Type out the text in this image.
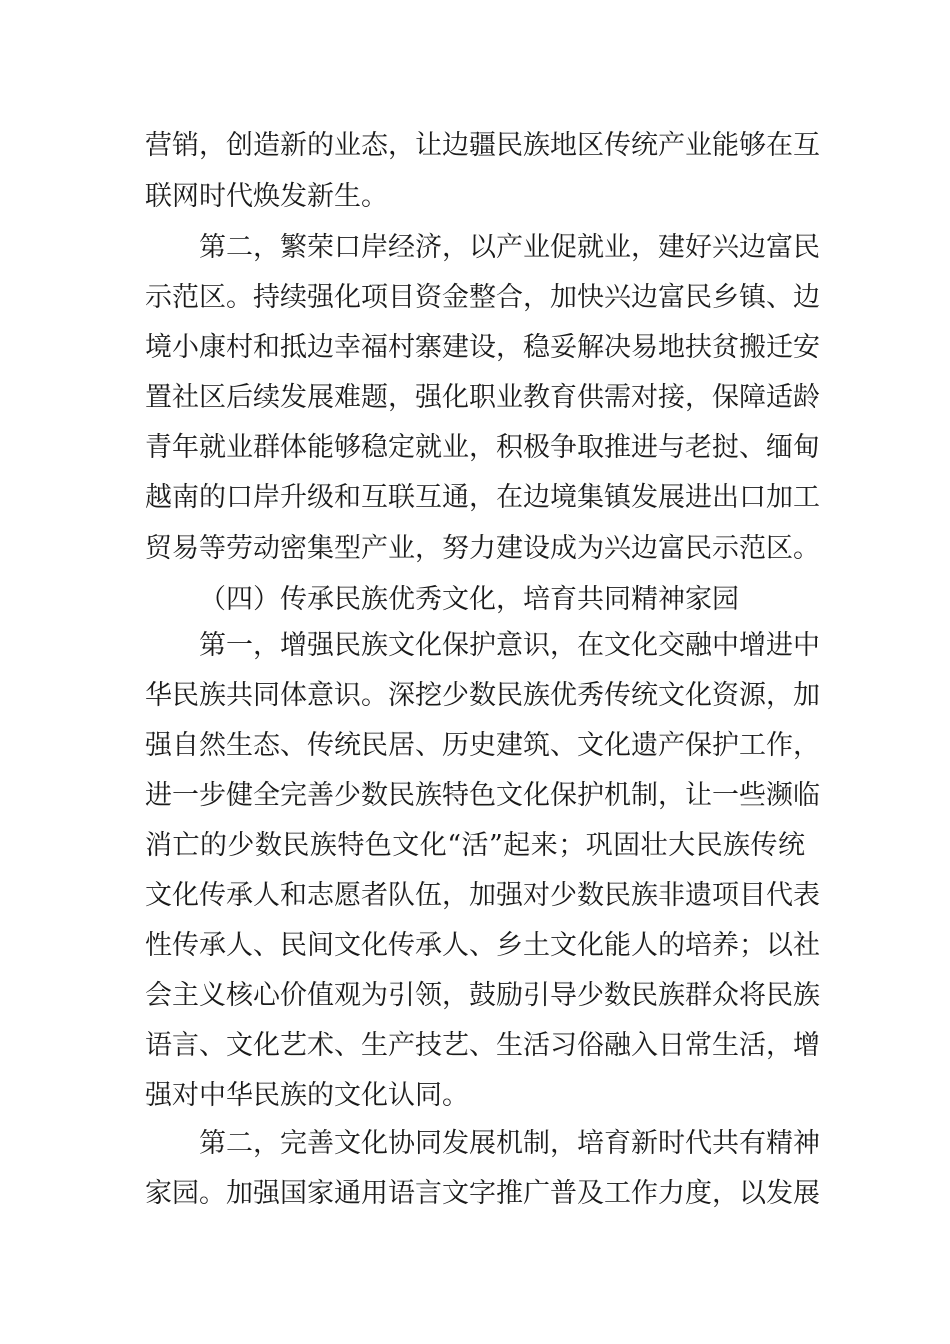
营销，创造新的业态，让边疆民族地区传统产业能够在互
联网时代焕发新生。
第二，繁荣口岸经济，以产业促就业，建好兴边富民
示范区。持续强化项目资金整合，加快兴边富民乡镇、边
境小康村和抵边幸福村寨建设，稳妥解决易地扶贫搬迁安
置社区后续发展难题，强化职业教育供需对接，保障适龄
青年就业群体能够稳定就业，积极争取推进与老挝、缅甸
越南的口岸升级和互联互通，在边境集镇发展进出口加工
贸易等劳动密集型产业，努力建设成为兴边富民示范区。
（四）传承民族优秀文化，培育共同精神家园
第一，增强民族文化保护意识，在文化交融中增进中
华民族共同体意识。深挖少数民族优秀传统文化资源，加
强自然生态、传统民居、历史建筑、文化遗产保护工作，
进一步健全完善少数民族特色文化保护机制，让一些濒临
消亡的少数民族特色文化“活”起来；巩固壮大民族传统
文化传承人和志愿者队伍，加强对少数民族非遗项目代表
性传承人、民间文化传承人、乡土文化能人的培养；以社
会主义核心价值观为引领，鼓励引导少数民族群众将民族
语言、文化艺术、生产技艺、生活习俗融入日常生活，增
强对中华民族的文化认同。
第二，完善文化协同发展机制，培育新时代共有精神
家园。加强国家通用语言文字推广普及工作力度，以发展
